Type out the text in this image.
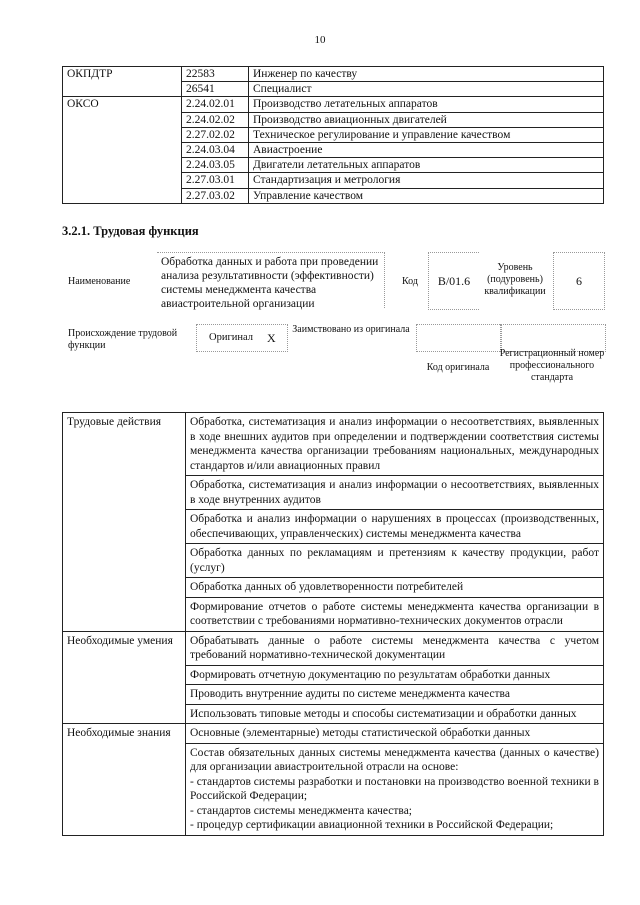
10
ОКПДТР	22583	Инженер по качеству
	26541	Специалист
ОКСО	2.24.02.01	Производство летательных аппаратов
	2.24.02.02	Производство авиационных двигателей
	2.27.02.02	Техническое регулирование и управление качеством
	2.24.03.04	Авиастроение
	2.24.03.05	Двигатели летательных аппаратов
	2.27.03.01	Стандартизация и метрология
	2.27.03.02	Управление качеством
3.2.1. Трудовая функция
Наименование
Обработка данных и работа при проведении анализа результативности (эффективности) системы менеджмента качества авиастроительной организации
Код	B/01.6
Уровень (подуровень) квалификации
6
Происхождение трудовой функции
Оригинал X
Заимствовано из оригинала
Код оригинала
Регистрационный номер профессионального стандарта
Трудовые действия	Обработка, систематизация и анализ информации о несоответствиях, выявленных в ходе внешних аудитов при определении и подтверждении соответствия системы менеджмента качества организации требованиям национальных, международных стандартов и/или авиационных правил
	Обработка, систематизация и анализ информации о несоответствиях, выявленных в ходе внутренних аудитов
	Обработка и анализ информации о нарушениях в процессах (производственных, обеспечивающих, управленческих) системы менеджмента качества
	Обработка данных по рекламациям и претензиям к качеству продукции, работ (услуг)
	Обработка данных об удовлетворенности потребителей
	Формирование отчетов о работе системы менеджмента качества организации в соответствии с требованиями нормативно-технических документов отрасли
Необходимые умения	Обрабатывать данные о работе системы менеджмента качества с учетом требований нормативно-технической документации
	Формировать отчетную документацию по результатам обработки данных
	Проводить внутренние аудиты по системе менеджмента качества
	Использовать типовые методы и способы систематизации и обработки данных
Необходимые знания	Основные (элементарные) методы статистической обработки данных
	Состав обязательных данных системы менеджмента качества (данных о качестве) для организации авиастроительной отрасли на основе:
- стандартов системы разработки и постановки на производство военной техники в Российской Федерации;
- стандартов системы менеджмента качества;
- процедур сертификации авиационной техники в Российской Федерации;
